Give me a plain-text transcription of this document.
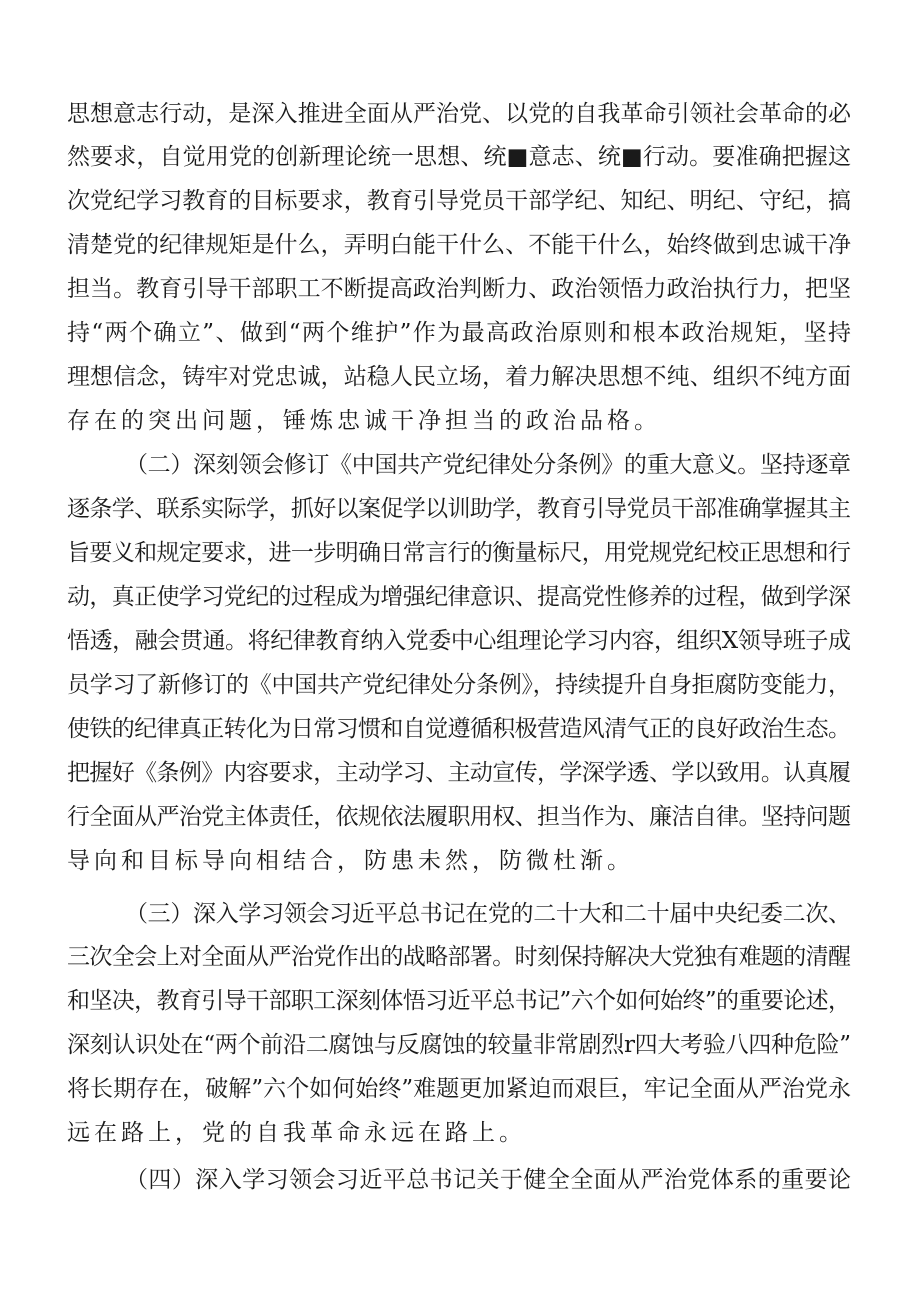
思想意志行动，是深入推进全面从严治党、以党的自我革命引领社会革命的必
然要求，自觉用党的创新理论统一思想、统■意志、统■行动。要准确把握这
次党纪学习教育的目标要求，教育引导党员干部学纪、知纪、明纪、守纪，搞
清楚党的纪律规矩是什么，弄明白能干什么、不能干什么，始终做到忠诚干净
担当。教育引导干部职工不断提高政治判断力、政治领悟力政治执行力，把坚
持“两个确立”、做到“两个维护”作为最高政治原则和根本政治规矩，坚持
理想信念，铸牢对党忠诚，站稳人民立场，着力解决思想不纯、组织不纯方面
存在的突出问题，锤炼忠诚干净担当的政治品格。
（二）深刻领会修订《中国共产党纪律处分条例》的重大意义。坚持逐章
逐条学、联系实际学，抓好以案促学以训助学，教育引导党员干部准确掌握其主
旨要义和规定要求，进一步明确日常言行的衡量标尺，用党规党纪校正思想和行
动，真正使学习党纪的过程成为增强纪律意识、提高党性修养的过程，做到学深
悟透，融会贯通。将纪律教育纳入党委中心组理论学习内容，组织X领导班子成
员学习了新修订的《中国共产党纪律处分条例》，持续提升自身拒腐防变能力，
使铁的纪律真正转化为日常习惯和自觉遵循积极营造风清气正的良好政治生态。
把握好《条例》内容要求，主动学习、主动宣传，学深学透、学以致用。认真履
行全面从严治党主体责任，依规依法履职用权、担当作为、廉洁自律。坚持问题
导向和目标导向相结合，防患未然，防微杜渐。
（三）深入学习领会习近平总书记在党的二十大和二十届中央纪委二次、
三次全会上对全面从严治党作出的战略部署。时刻保持解决大党独有难题的清醒
和坚决，教育引导干部职工深刻体悟习近平总书记”六个如何始终”的重要论述，
深刻认识处在“两个前沿二腐蚀与反腐蚀的较量非常剧烈r四大考验八四种危险”
将长期存在，破解”六个如何始终”难题更加紧迫而艰巨，牢记全面从严治党永
远在路上，党的自我革命永远在路上。
（四）深入学习领会习近平总书记关于健全全面从严治党体系的重要论
